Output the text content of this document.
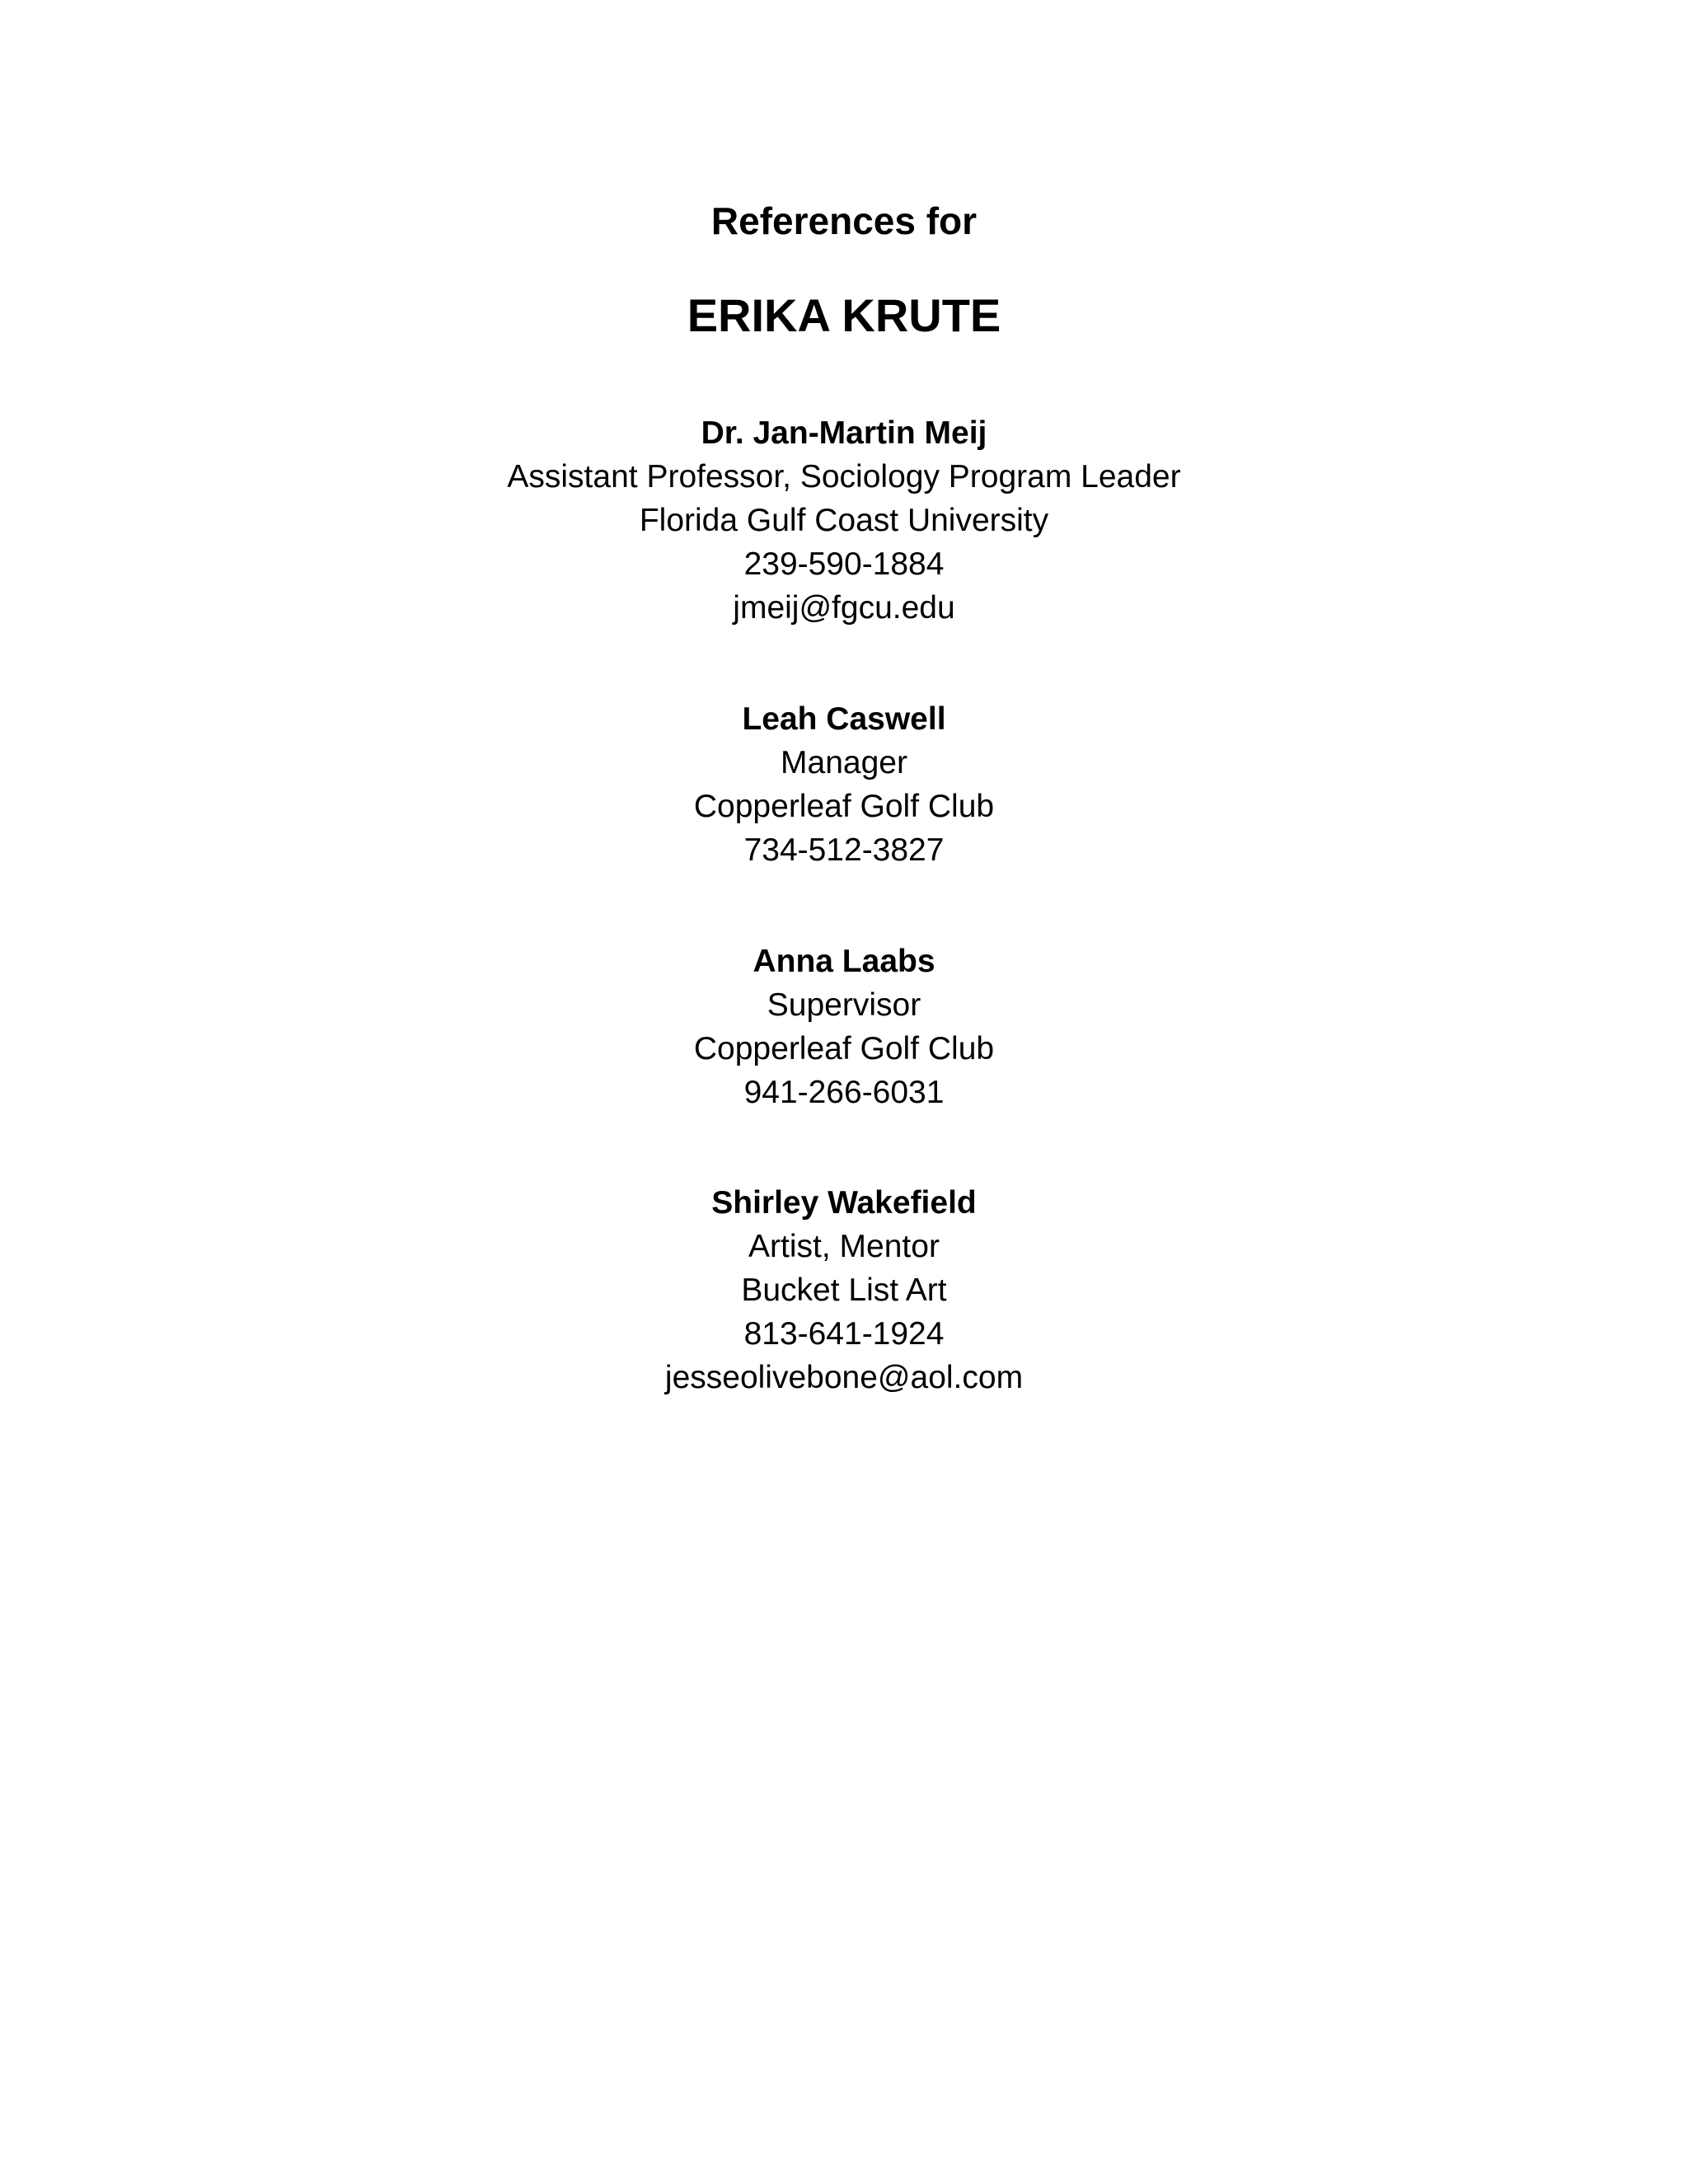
References for
ERIKA KRUTE
Dr. Jan-Martin Meij
Assistant Professor, Sociology Program Leader
Florida Gulf Coast University
239-590-1884
jmeij@fgcu.edu
Leah Caswell
Manager
Copperleaf Golf Club
734-512-3827
Anna Laabs
Supervisor
Copperleaf Golf Club
941-266-6031
Shirley Wakefield
Artist, Mentor
Bucket List Art
813-641-1924
jesseolivebone@aol.com
